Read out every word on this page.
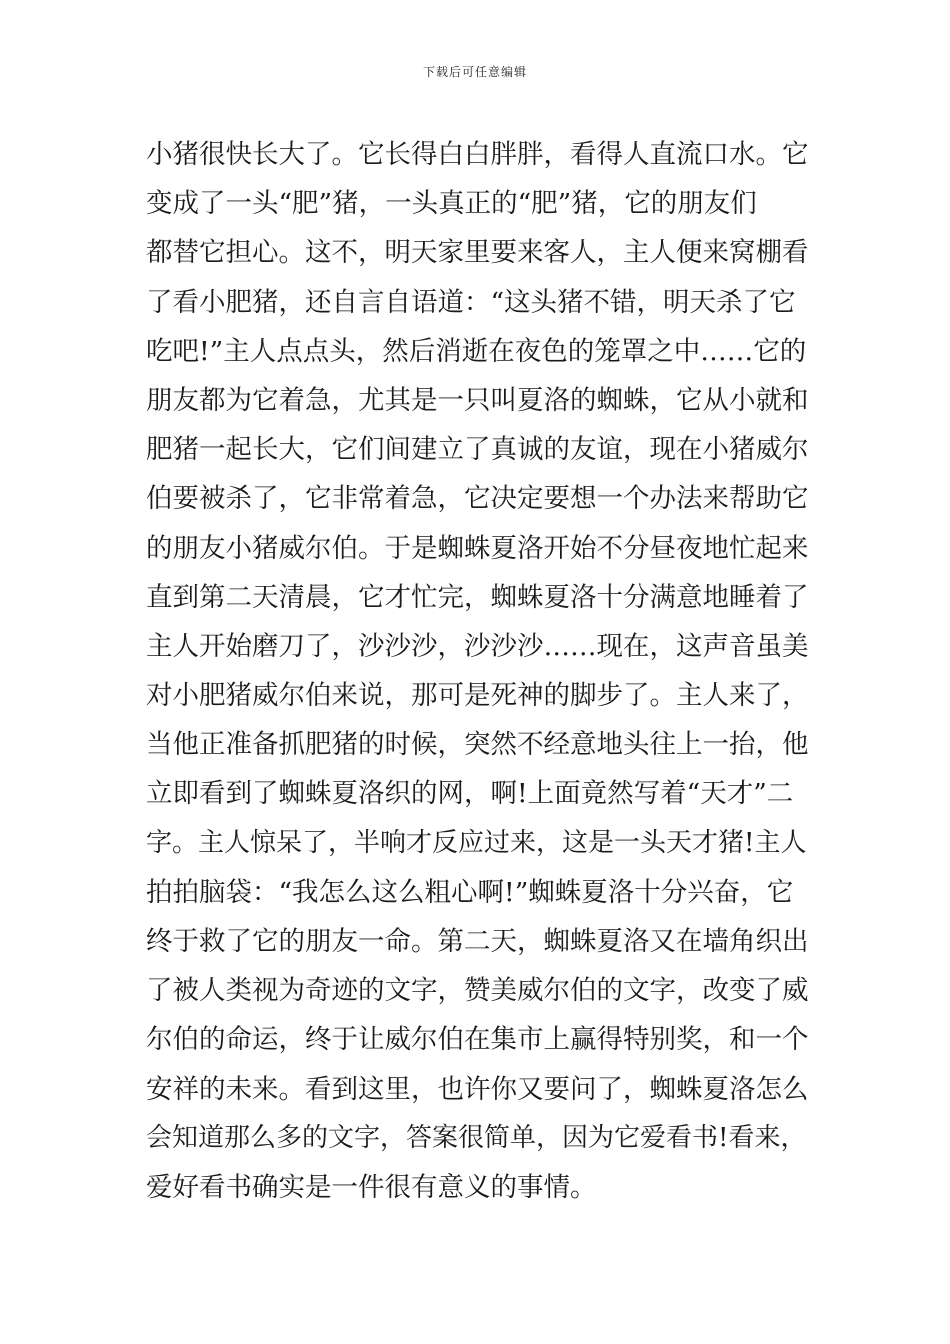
下载后可任意编辑
小猪很快长大了。它长得白白胖胖，看得人直流口水。它
变成了一头“肥”猪，一头真正的“肥”猪，它的朋友们
都替它担心。这不，明天家里要来客人，主人便来窝棚看
了看小肥猪，还自言自语道：“这头猪不错，明天杀了它
吃吧!”主人点点头，然后消逝在夜色的笼罩之中……它的
朋友都为它着急，尤其是一只叫夏洛的蜘蛛，它从小就和
肥猪一起长大，它们间建立了真诚的友谊，现在小猪威尔
伯要被杀了，它非常着急，它决定要想一个办法来帮助它
的朋友小猪威尔伯。于是蜘蛛夏洛开始不分昼夜地忙起来
直到第二天清晨，它才忙完，蜘蛛夏洛十分满意地睡着了
主人开始磨刀了，沙沙沙，沙沙沙……现在，这声音虽美
对小肥猪威尔伯来说，那可是死神的脚步了。主人来了，
当他正准备抓肥猪的时候，突然不经意地头往上一抬，他
立即看到了蜘蛛夏洛织的网，啊!上面竟然写着“天才”二
字。主人惊呆了，半响才反应过来，这是一头天才猪!主人
拍拍脑袋：“我怎么这么粗心啊!”蜘蛛夏洛十分兴奋，它
终于救了它的朋友一命。第二天，蜘蛛夏洛又在墙角织出
了被人类视为奇迹的文字，赞美威尔伯的文字，改变了威
尔伯的命运，终于让威尔伯在集市上赢得特别奖，和一个
安祥的未来。看到这里，也许你又要问了，蜘蛛夏洛怎么
会知道那么多的文字，答案很简单，因为它爱看书!看来，
爱好看书确实是一件很有意义的事情。
